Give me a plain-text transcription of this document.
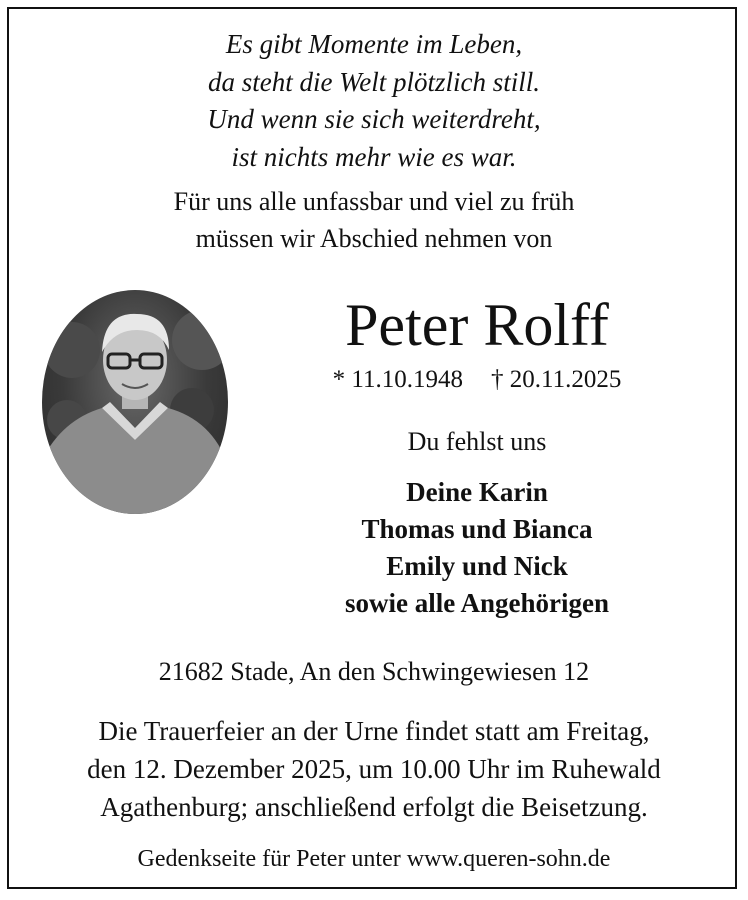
Es gibt Momente im Leben,
da steht die Welt plötzlich still.
Und wenn sie sich weiterdreht,
ist nichts mehr wie es war.
Für uns alle unfassbar und viel zu früh
müssen wir Abschied nehmen von
Peter Rolff
* 11.10.1948 † 20.11.2025
Du fehlst uns
Deine Karin
Thomas und Bianca
Emily und Nick
sowie alle Angehörigen
21682 Stade, An den Schwingewiesen 12
Die Trauerfeier an der Urne findet statt am Freitag,
den 12. Dezember 2025, um 10.00 Uhr im Ruhewald
Agathenburg; anschließend erfolgt die Beisetzung.
Gedenkseite für Peter unter www.queren-sohn.de
